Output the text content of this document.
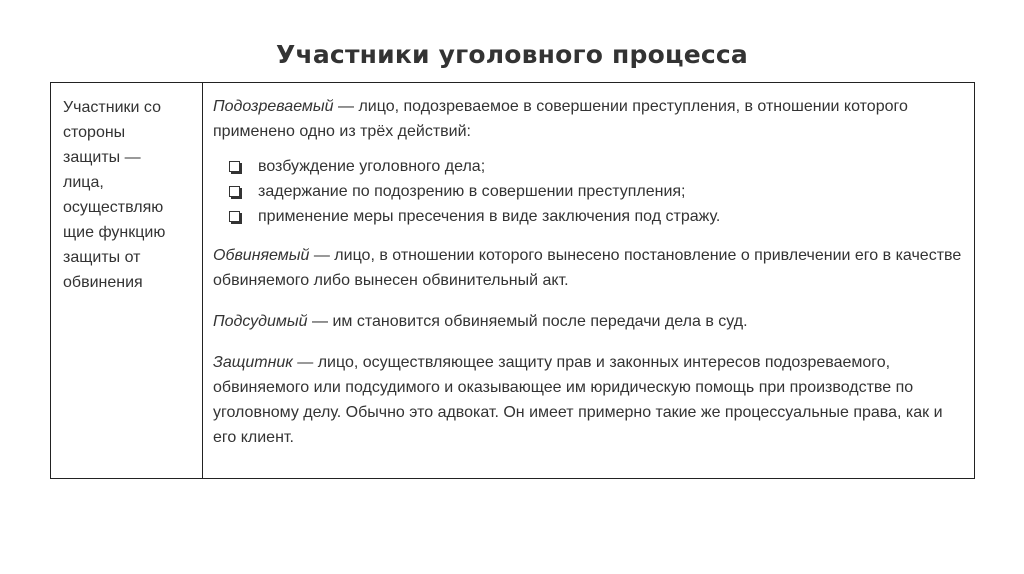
Участники уголовного процесса
Участники со
стороны
защиты —
лица,
осуществляю
щие функцию
защиты от
обвинения

Подозреваемый — лицо, подозреваемое в совершении преступления, в отношении которого применено одно из трёх действий:

возбуждение уголовного дела;
задержание по подозрению в совершении преступления;
применение меры пресечения в виде заключения под стражу.

Обвиняемый — лицо, в отношении которого вынесено постановление о привлечении его в качестве обвиняемого либо вынесен обвинительный акт.

Подсудимый — им становится обвиняемый после передачи дела в суд.

Защитник — лицо, осуществляющее защиту прав и законных интересов подозреваемого, обвиняемого или подсудимого и оказывающее им юридическую помощь при производстве по уголовному делу. Обычно это адвокат. Он имеет примерно такие же процессуальные права, как и его клиент.
